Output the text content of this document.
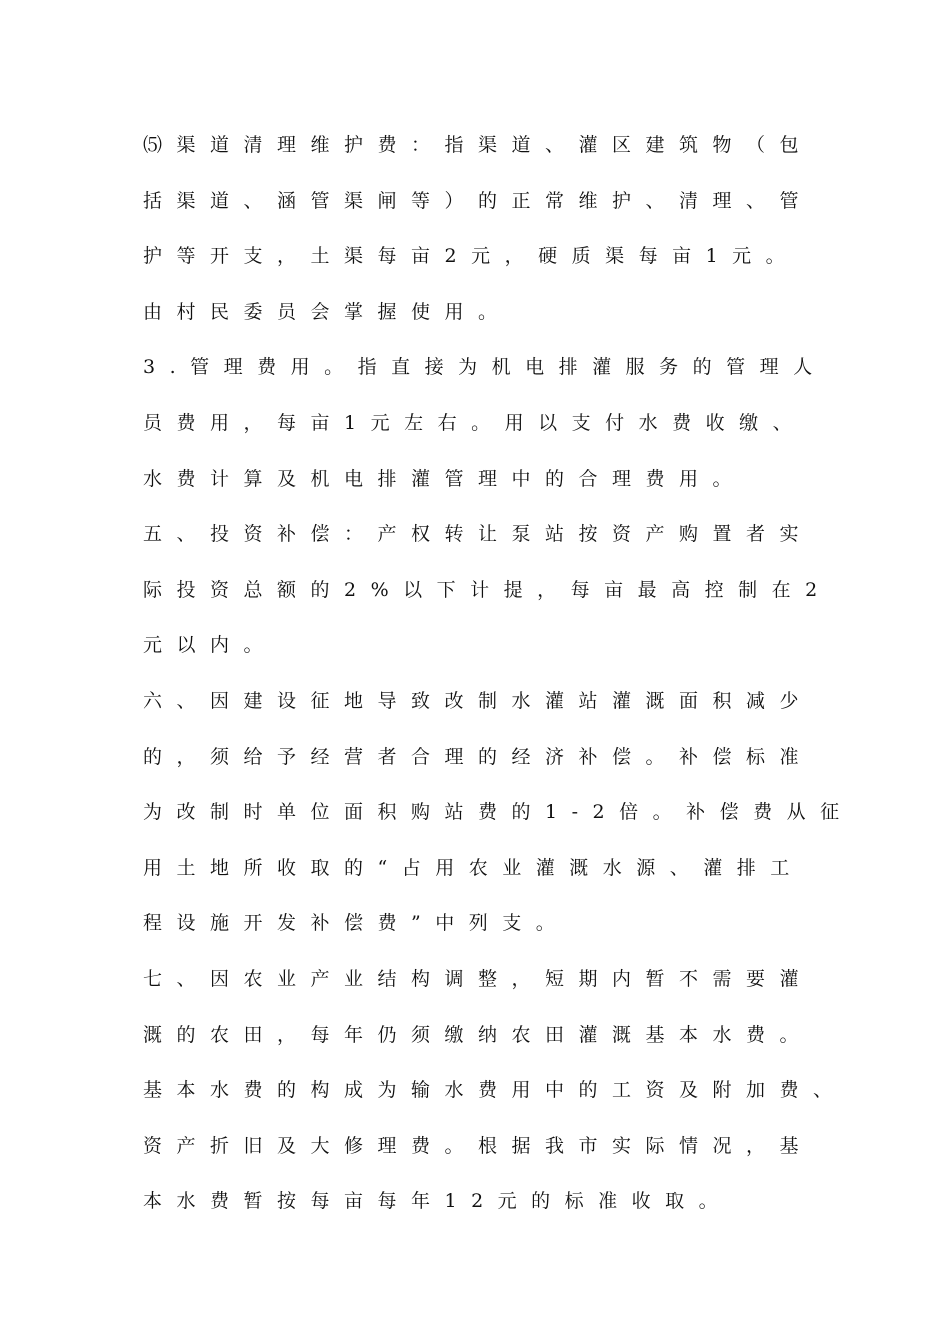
⑸渠道清理维护费：指渠道、灌区建筑物（包
括渠道、涵管渠闸等）的正常维护、清理、管
护等开支，土渠每亩2元，硬质渠每亩1元。
由村民委员会掌握使用。
3.管理费用。指直接为机电排灌服务的管理人
员费用，每亩1元左右。用以支付水费收缴、
水费计算及机电排灌管理中的合理费用。
五、投资补偿：产权转让泵站按资产购置者实
际投资总额的2%以下计提，每亩最高控制在2
元以内。
六、因建设征地导致改制水灌站灌溉面积减少
的，须给予经营者合理的经济补偿。补偿标准
为改制时单位面积购站费的1-2倍。补偿费从征
用土地所收取的“占用农业灌溉水源、灌排工
程设施开发补偿费”中列支。
七、因农业产业结构调整，短期内暂不需要灌
溉的农田，每年仍须缴纳农田灌溉基本水费。
基本水费的构成为输水费用中的工资及附加费、
资产折旧及大修理费。根据我市实际情况，基
本水费暂按每亩每年12元的标准收取。
